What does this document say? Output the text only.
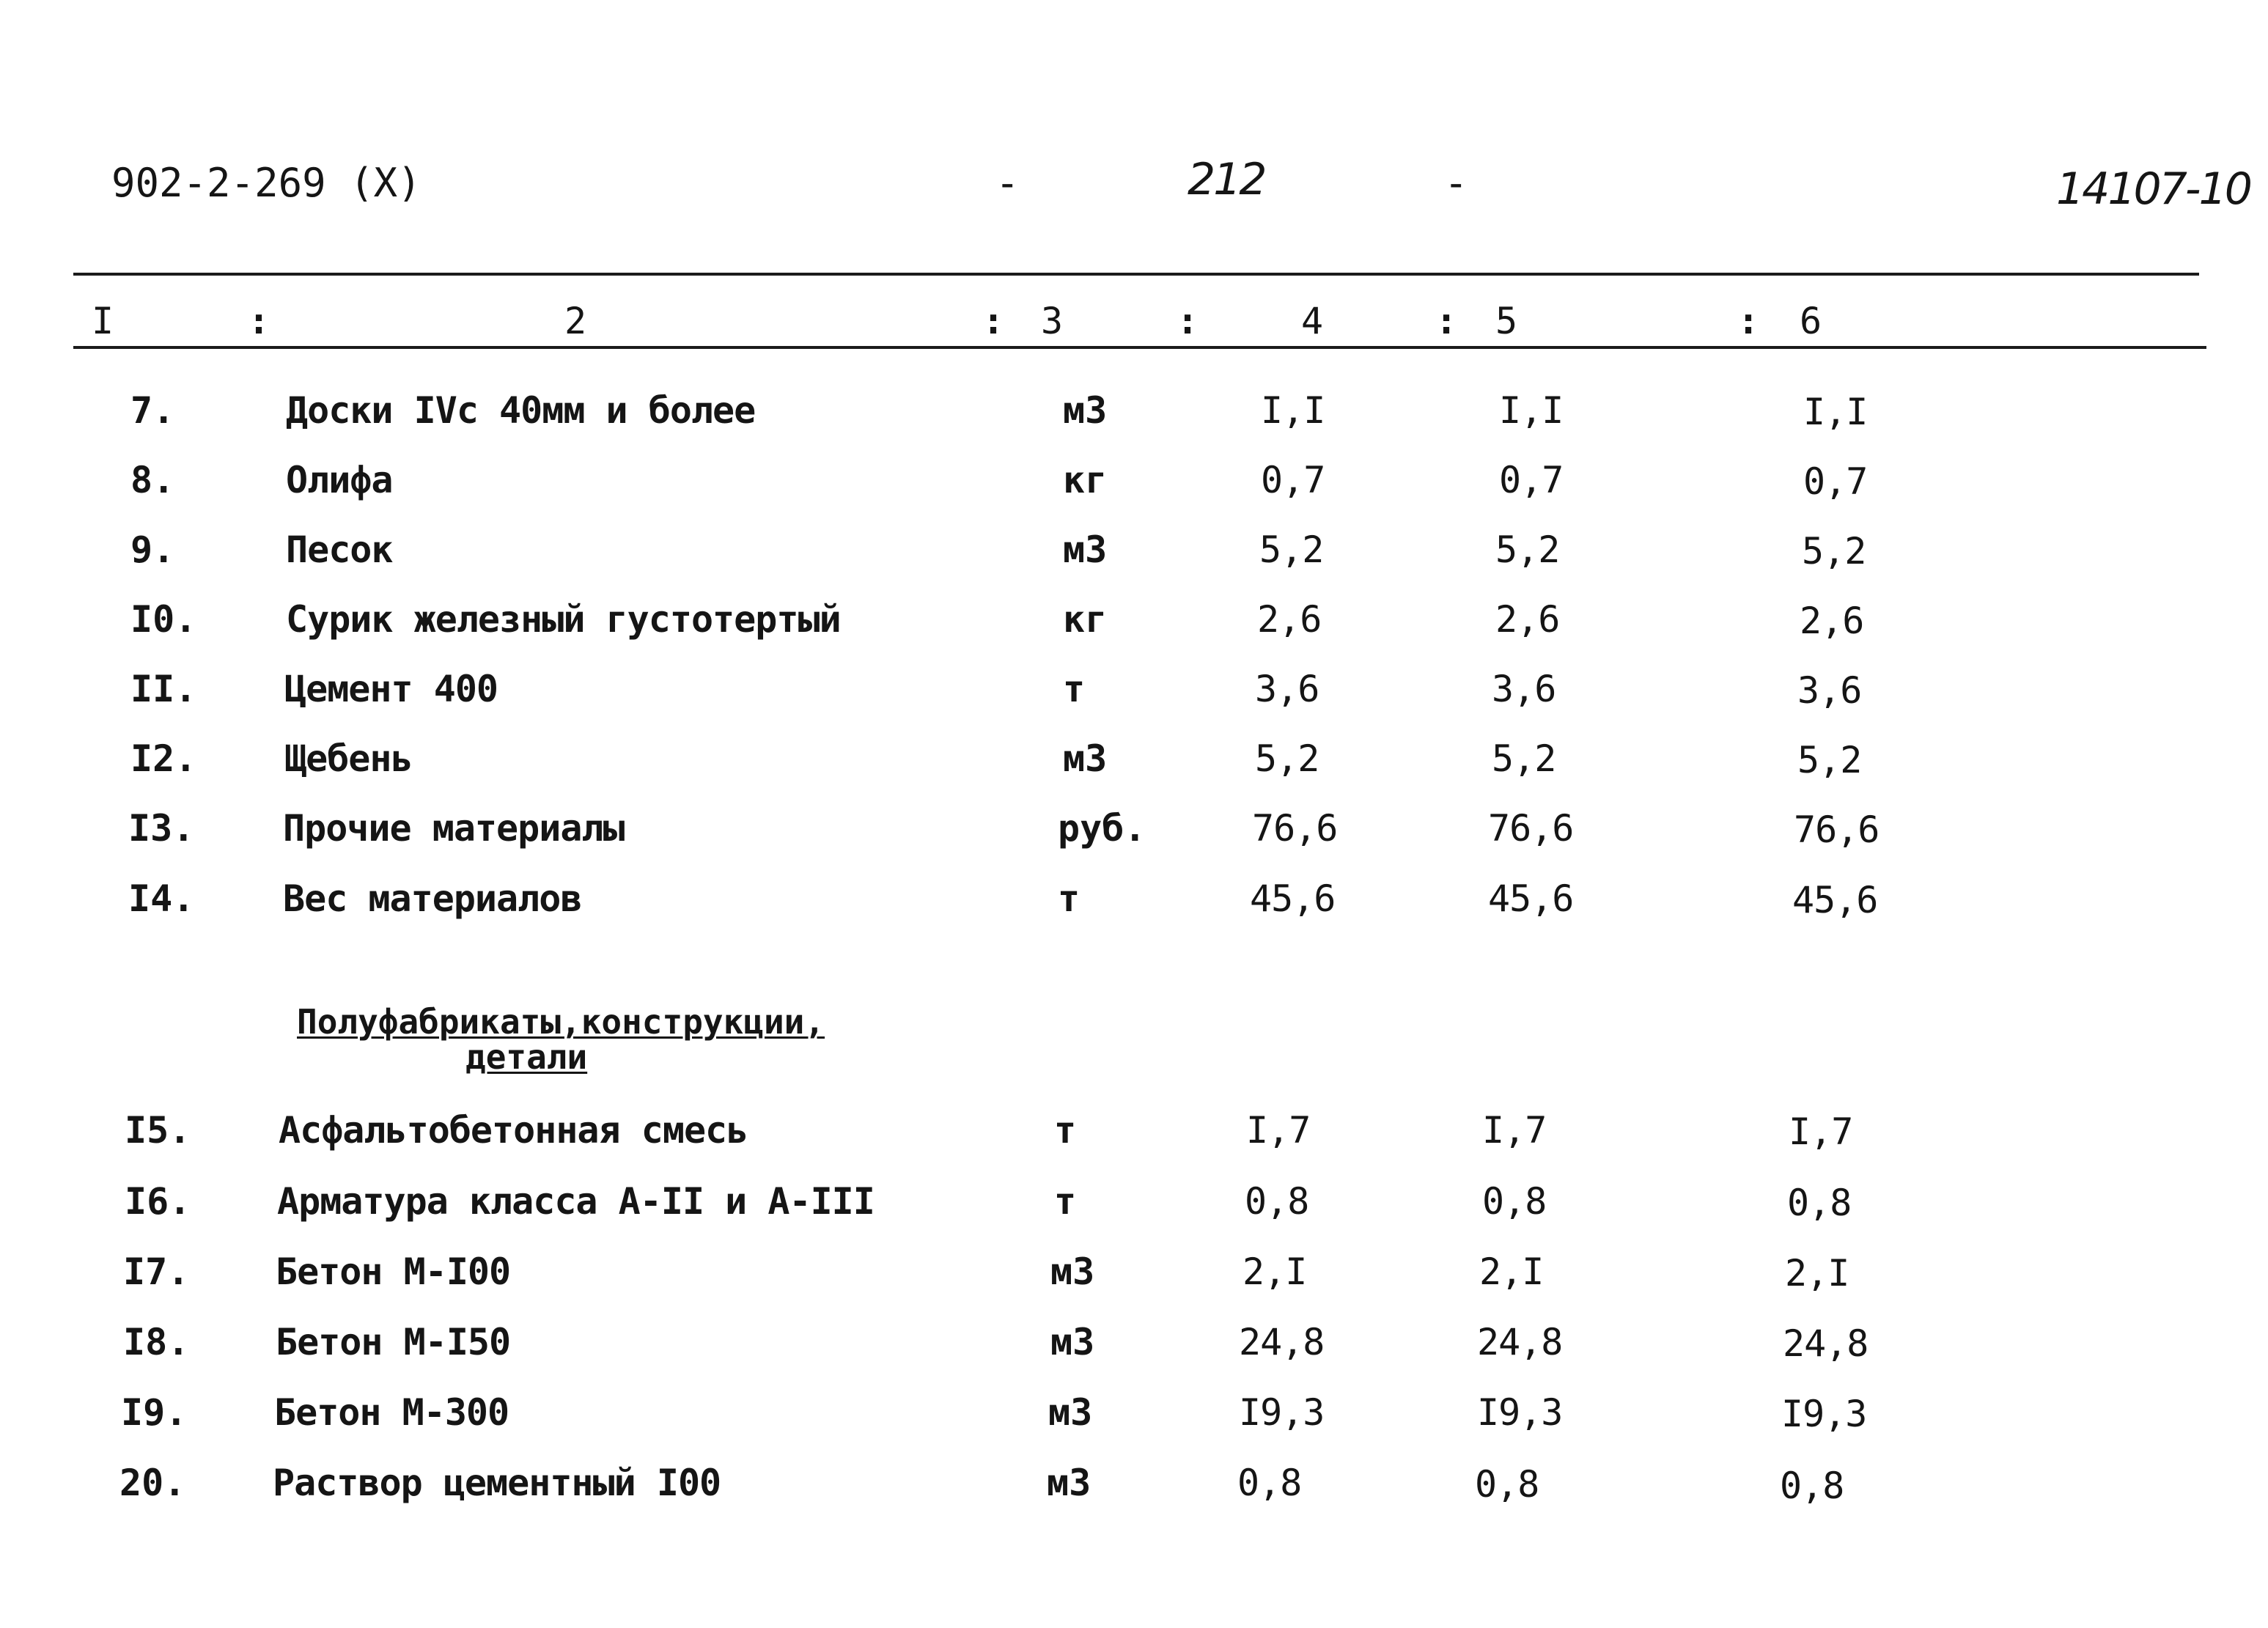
902-2-269 (X)	-	212	-	14107-10
I	:	2	: 3	:	4	: 5	: 6
7.	Доски IVс 40мм и более	м3	I,I	I,I	I,I
8.	Олифа	кг	0,7	0,7	0,7
9.	Песок	м3	5,2	5,2	5,2
I0. Сурик железный густотертый	кг	2,6	2,6	2,6
II. Цемент 400	т	3,6	3,6	3,6
I2. Щебень	м3	5,2	5,2	5,2
I3. Прочие материалы	руб.	76,6	76,6	76,6
I4. Вес материалов	т	45,6	45,6	45,6
Полуфабрикаты,конструкции,
детали
I5. Асфальтобетонная смесь	т	I,7	I,7	I,7
I6. Арматура класса А-II и А-III	т	0,8	0,8	0,8
I7. Бетон М-I00	м3	2,I	2,I	2,I
I8. Бетон М-I50	м3	24,8	24,8	24,8
I9. Бетон М-300	м3	I9,3	I9,3	I9,3
20. Раствор цементный I00	м3	0,8	0,8	0,8
